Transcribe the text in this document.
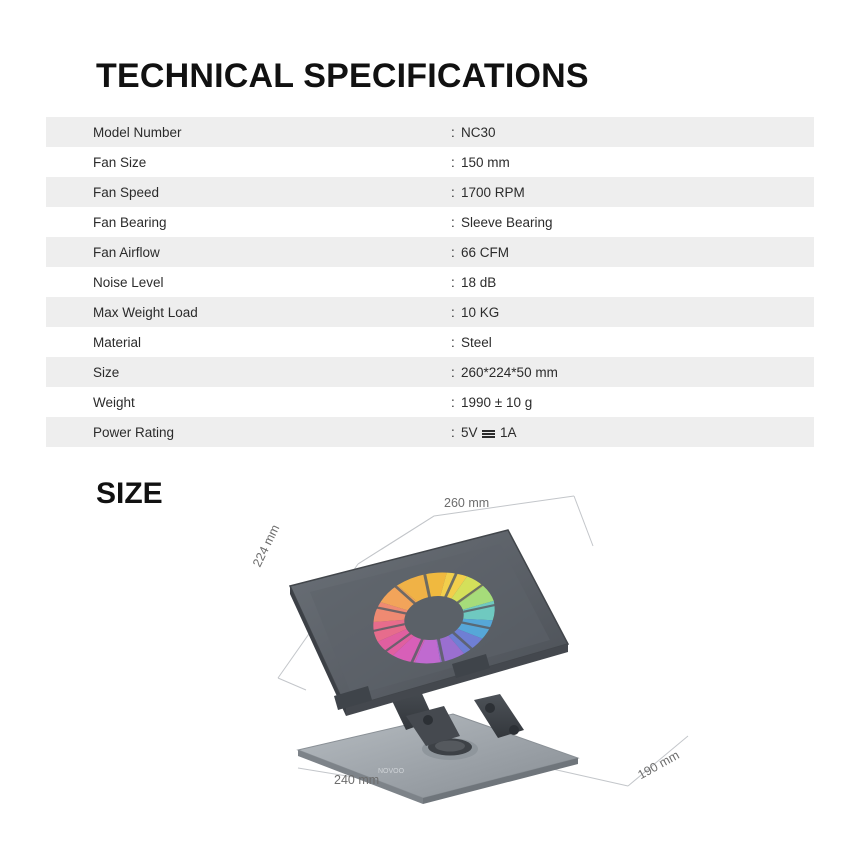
TECHNICAL SPECIFICATIONS
Model Number	: NC30
Fan Size	: 150 mm
Fan Speed	: 1700 RPM
Fan Bearing	: Sleeve Bearing
Fan Airflow	: 66 CFM
Noise Level	: 18 dB
Max Weight Load	: 10 KG
Material	: Steel
Size	: 260*224*50 mm
Weight	: 1990 ± 10 g
Power Rating	: 5V 1A
SIZE
NOVOO
260 mm
224 mm
240 mm	190 mm
